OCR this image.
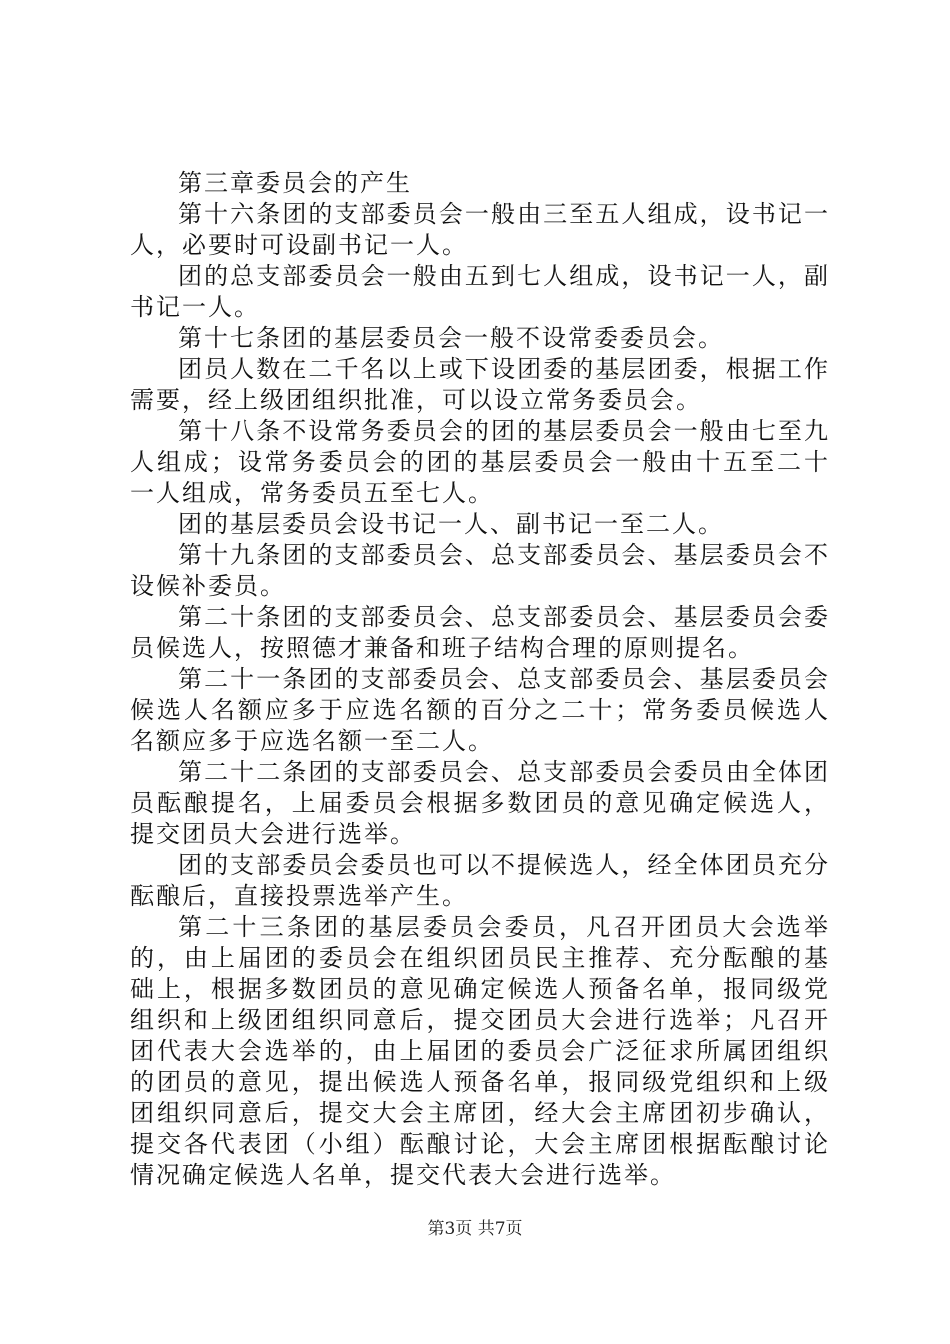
第三章委员会的产生

第十六条团的支部委员会一般由三至五人组成，设书记一人，必要时可设副书记一人。

团的总支部委员会一般由五到七人组成，设书记一人，副书记一人。

第十七条团的基层委员会一般不设常委委员会。

团员人数在二千名以上或下设团委的基层团委，根据工作需要，经上级团组织批准，可以设立常务委员会。

第十八条不设常务委员会的团的基层委员会一般由七至九人组成；设常务委员会的团的基层委员会一般由十五至二十一人组成，常务委员五至七人。

团的基层委员会设书记一人、副书记一至二人。

第十九条团的支部委员会、总支部委员会、基层委员会不设候补委员。

第二十条团的支部委员会、总支部委员会、基层委员会委员候选人，按照德才兼备和班子结构合理的原则提名。

第二十一条团的支部委员会、总支部委员会、基层委员会候选人名额应多于应选名额的百分之二十；常务委员候选人名额应多于应选名额一至二人。

第二十二条团的支部委员会、总支部委员会委员由全体团员酝酿提名，上届委员会根据多数团员的意见确定候选人，提交团员大会进行选举。

团的支部委员会委员也可以不提候选人，经全体团员充分酝酿后，直接投票选举产生。

第二十三条团的基层委员会委员，凡召开团员大会选举的，由上届团的委员会在组织团员民主推荐、充分酝酿的基础上，根据多数团员的意见确定候选人预备名单，报同级党组织和上级团组织同意后，提交团员大会进行选举；凡召开团代表大会选举的，由上届团的委员会广泛征求所属团组织的团员的意见，提出候选人预备名单，报同级党组织和上级团组织同意后，提交大会主席团，经大会主席团初步确认，提交各代表团（小组）酝酿讨论，大会主席团根据酝酿讨论情况确定候选人名单，提交代表大会进行选举。

第3页 共7页
